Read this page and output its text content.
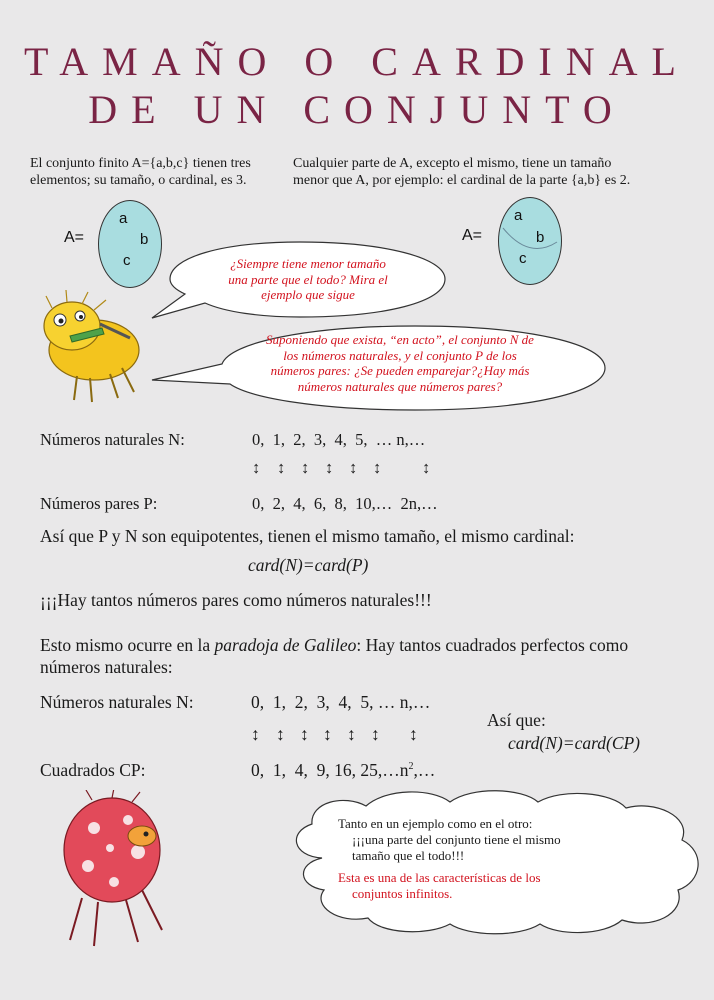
TAMAÑO O CARDINAL
DE UN CONJUNTO
El conjunto finito A={a,b,c} tienen tres elementos; su tamaño, o cardinal, es 3.
Cualquier parte de A, excepto el mismo, tiene un tamaño menor que A, por ejemplo: el cardinal de la parte {a,b} es 2.
A=
a
b
c
A=
a
b
c
¿Siempre tiene menor tamaño
una parte que el todo? Mira el
ejemplo que sigue
Suponiendo que exista, “en acto”, el conjunto N de
los números naturales, y el conjunto P de los
números pares: ¿Se pueden emparejar?¿Hay más
números naturales que números pares?
Números naturales N:	0,  1,  2,  3,  4,  5,  … n,…
↕ ↕ ↕ ↕ ↕ ↕ ↕
Números pares P:	0,  2,  4,  6,  8,  10,…  2n,…
Así que P y N son equipotentes, tienen el mismo tamaño, el mismo cardinal:
card(N)=card(P)
¡¡¡Hay tantos números pares como números naturales!!!
Esto mismo ocurre en la paradoja de Galileo: Hay tantos cuadrados perfectos como
números naturales:
Números naturales N:	0,  1,  2,  3,  4,  5, … n,…
↕ ↕ ↕ ↕ ↕ ↕ ↕
Así que:
card(N)=card(CP)
Cuadrados CP:	0,  1,  4,  9, 16, $25,\dots n^2,\dots$
Tanto en un ejemplo como en el otro:
¡¡¡una parte del conjunto tiene el mismo
tamaño que el todo!!!
Esta es una de las características de los
conjuntos infinitos.
